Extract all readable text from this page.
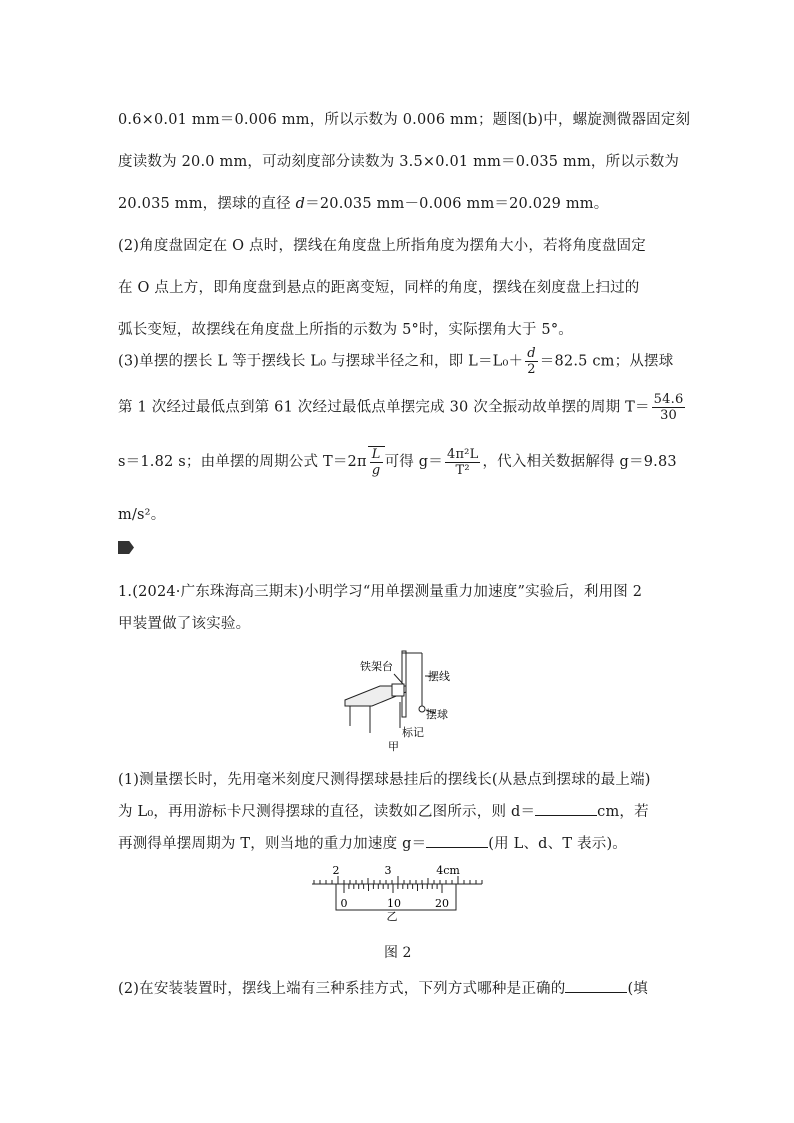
0.6×0.01 mm＝0.006 mm，所以示数为 0.006 mm；题图(b)中，螺旋测微器固定刻
度读数为 20.0 mm，可动刻度部分读数为 3.5×0.01 mm＝0.035 mm，所以示数为
20.035 mm，摆球的直径 d＝20.035 mm－0.006 mm＝20.029 mm。
(2)角度盘固定在 O 点时，摆线在角度盘上所指角度为摆角大小，若将角度盘固定
在 O 点上方，即角度盘到悬点的距离变短，同样的角度，摆线在刻度盘上扫过的
弧长变短，故摆线在角度盘上所指的示数为 5°时，实际摆角大于 5°。
(3)单摆的摆长 L 等于摆线长 L₀ 与摆球半径之和，即 $L=L_0+ \frac{d}{2} =82.5$ cm；从摆球
第 1 次经过最低点到第 61 次经过最低点单摆完成 30 次全振动故单摆的周期 $T= \frac{54.6}{30}$
s＝1.82 s；由单摆的周期公式 $T=2\pi \frac{L}{g}$ 可得 $g= \frac{\text{4π²L}}{\text{T²}}$ ，代入相关数据解得 g＝9.83
m/s²。
1.(2024·广东珠海高三期末)小明学习“用单摆测量重力加速度”实验后，利用图 2
甲装置做了该实验。
铁架台
摆线
摆球
标记
甲
(1)测量摆长时，先用毫米刻度尺测得摆球悬挂后的摆线长(从悬点到摆球的最上端)
为 L₀，再用游标卡尺测得摆球的直径，读数如乙图所示，则 d＝	cm，若
再测得单摆周期为 T，则当地的重力加速度 g＝	(用 L、d、T 表示)。
2	3	4cm
0	10	20
乙
图 2
(2)在安装装置时，摆线上端有三种系挂方式，下列方式哪种是正确的	(填
